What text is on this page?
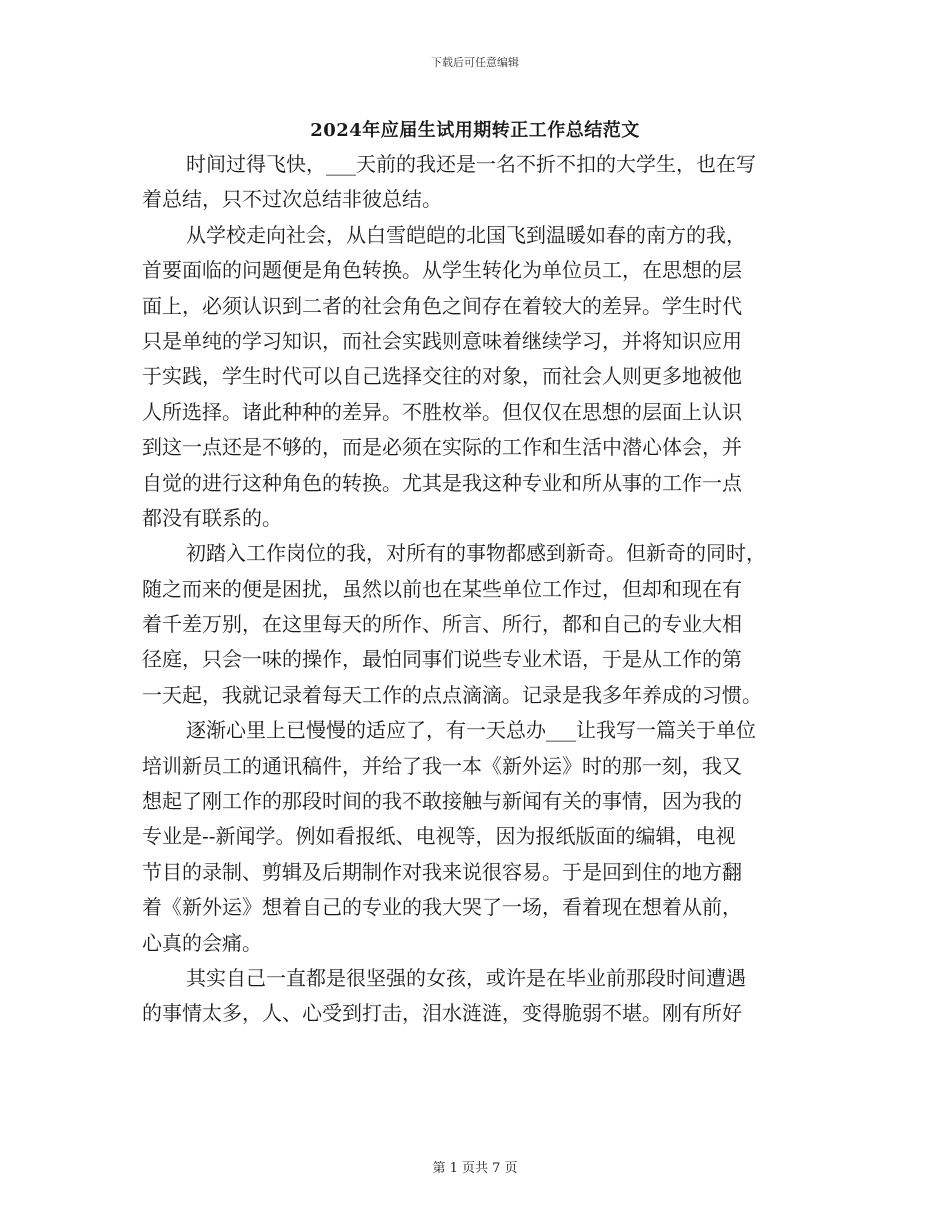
下载后可任意编辑
2024年应届生试用期转正工作总结范文
时间过得飞快，___天前的我还是一名不折不扣的大学生，也在写
着总结，只不过次总结非彼总结。
从学校走向社会，从白雪皑皑的北国飞到温暖如春的南方的我，
首要面临的问题便是角色转换。从学生转化为单位员工，在思想的层
面上，必须认识到二者的社会角色之间存在着较大的差异。学生时代
只是单纯的学习知识，而社会实践则意味着继续学习，并将知识应用
于实践，学生时代可以自己选择交往的对象，而社会人则更多地被他
人所选择。诸此种种的差异。不胜枚举。但仅仅在思想的层面上认识
到这一点还是不够的，而是必须在实际的工作和生活中潜心体会，并
自觉的进行这种角色的转换。尤其是我这种专业和所从事的工作一点
都没有联系的。
初踏入工作岗位的我，对所有的事物都感到新奇。但新奇的同时，
随之而来的便是困扰，虽然以前也在某些单位工作过，但却和现在有
着千差万别，在这里每天的所作、所言、所行，都和自己的专业大相
径庭，只会一味的操作，最怕同事们说些专业术语，于是从工作的第
一天起，我就记录着每天工作的点点滴滴。记录是我多年养成的习惯。
逐渐心里上已慢慢的适应了，有一天总办___让我写一篇关于单位
培训新员工的通讯稿件，并给了我一本《新外运》时的那一刻，我又
想起了刚工作的那段时间的我不敢接触与新闻有关的事情，因为我的
专业是--新闻学。例如看报纸、电视等，因为报纸版面的编辑，电视
节目的录制、剪辑及后期制作对我来说很容易。于是回到住的地方翻
着《新外运》想着自己的专业的我大哭了一场，看着现在想着从前，
心真的会痛。
其实自己一直都是很坚强的女孩，或许是在毕业前那段时间遭遇
的事情太多，人、心受到打击，泪水涟涟，变得脆弱不堪。刚有所好
第 1 页共 7 页
